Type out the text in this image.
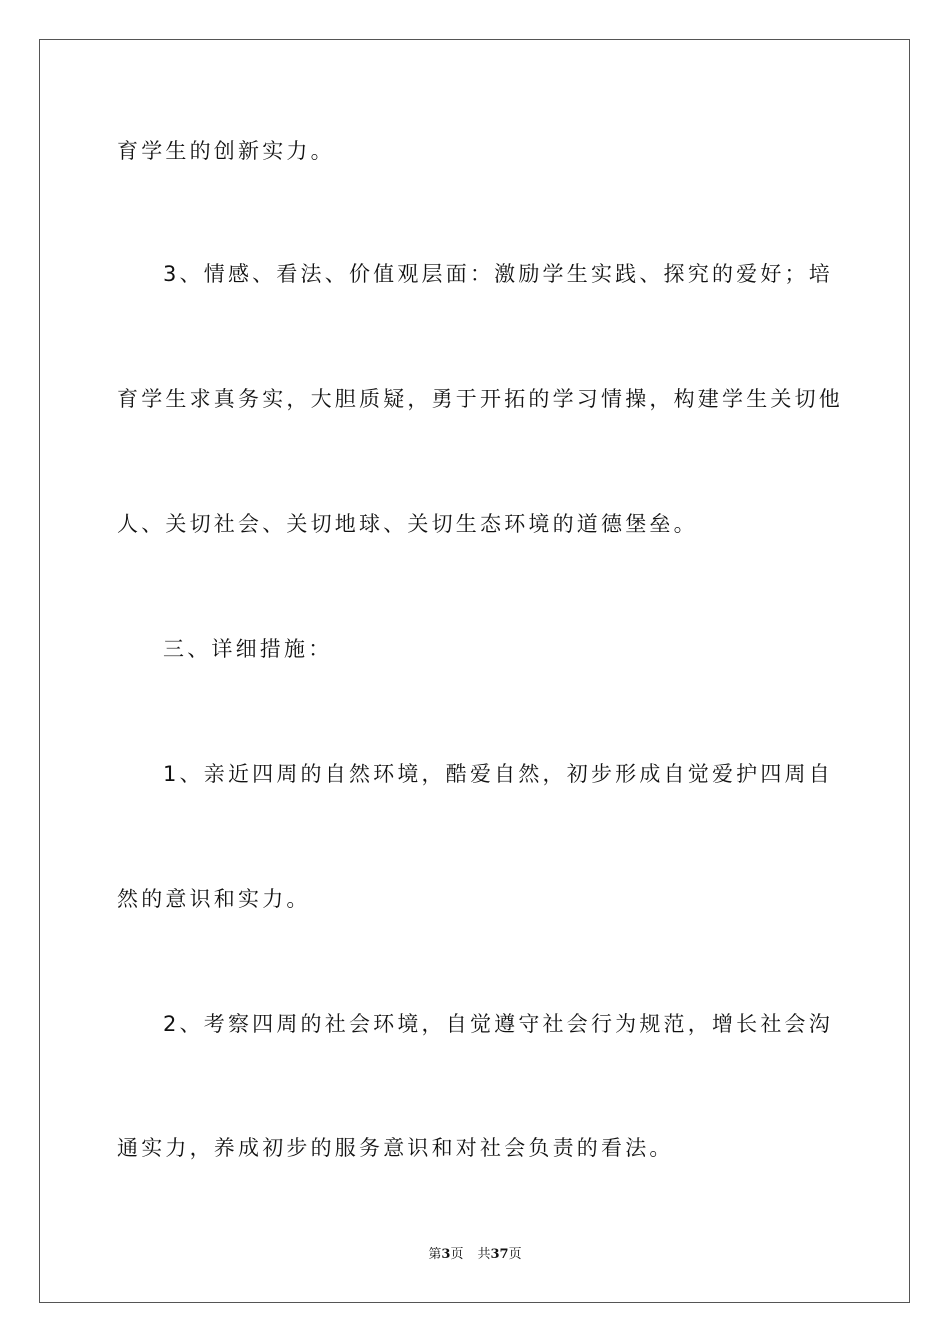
育学生的创新实力。
3、情感、看法、价值观层面：激励学生实践、探究的爱好；培
育学生求真务实，大胆质疑，勇于开拓的学习情操，构建学生关切他
人、关切社会、关切地球、关切生态环境的道德堡垒。
三、详细措施：
1、亲近四周的自然环境，酷爱自然，初步形成自觉爱护四周自
然的意识和实力。
2、考察四周的社会环境，自觉遵守社会行为规范，增长社会沟
通实力，养成初步的服务意识和对社会负责的看法。
第3页 共37页
